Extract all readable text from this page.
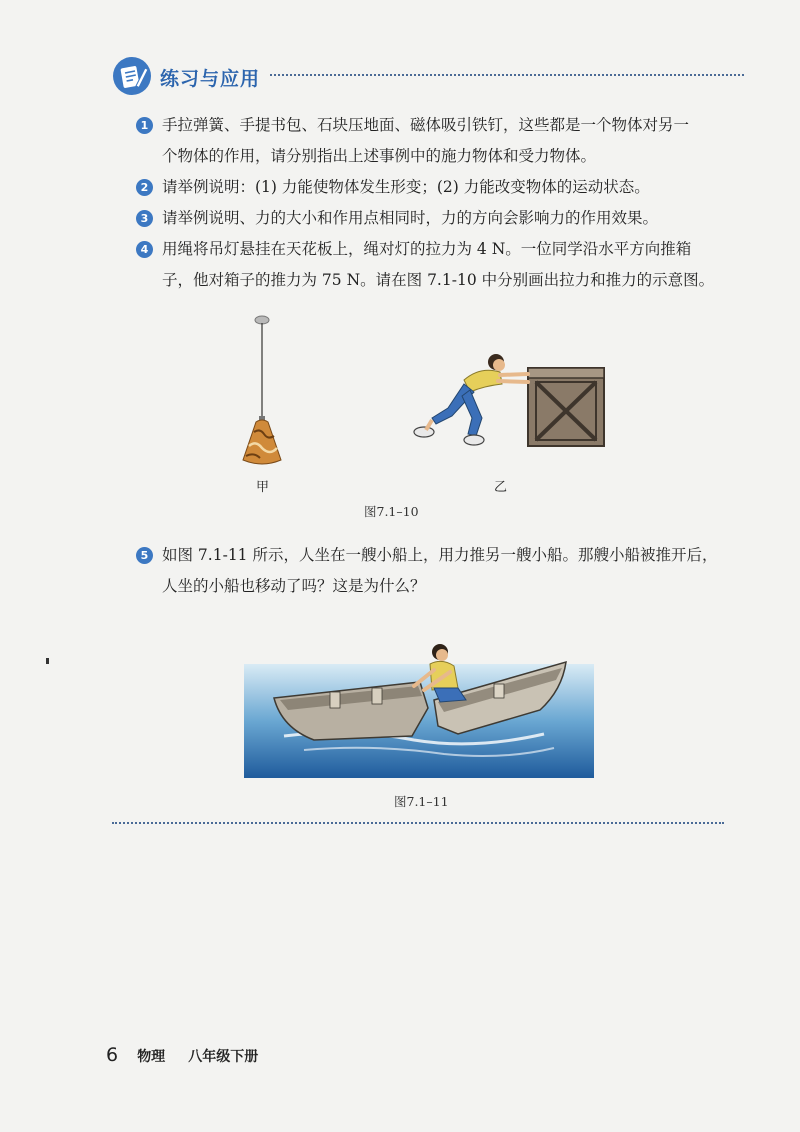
练习与应用
1 手拉弹簧、手提书包、石块压地面、磁体吸引铁钉，这些都是一个物体对另一
个物体的作用，请分别指出上述事例中的施力物体和受力物体。
2 请举例说明：(1) 力能使物体发生形变；(2) 力能改变物体的运动状态。
3 请举例说明、力的大小和作用点相同时，力的方向会影响力的作用效果。
4 用绳将吊灯悬挂在天花板上，绳对灯的拉力为 4 N。一位同学沿水平方向推箱
子，他对箱子的推力为 75 N。请在图 7.1-10 中分别画出拉力和推力的示意图。
甲	乙
图7.1–10
5 如图 7.1-11 所示，人坐在一艘小船上，用力推另一艘小船。那艘小船被推开后，
人坐的小船也移动了吗？这是为什么？
图7.1–11
6 物理 八年级下册
